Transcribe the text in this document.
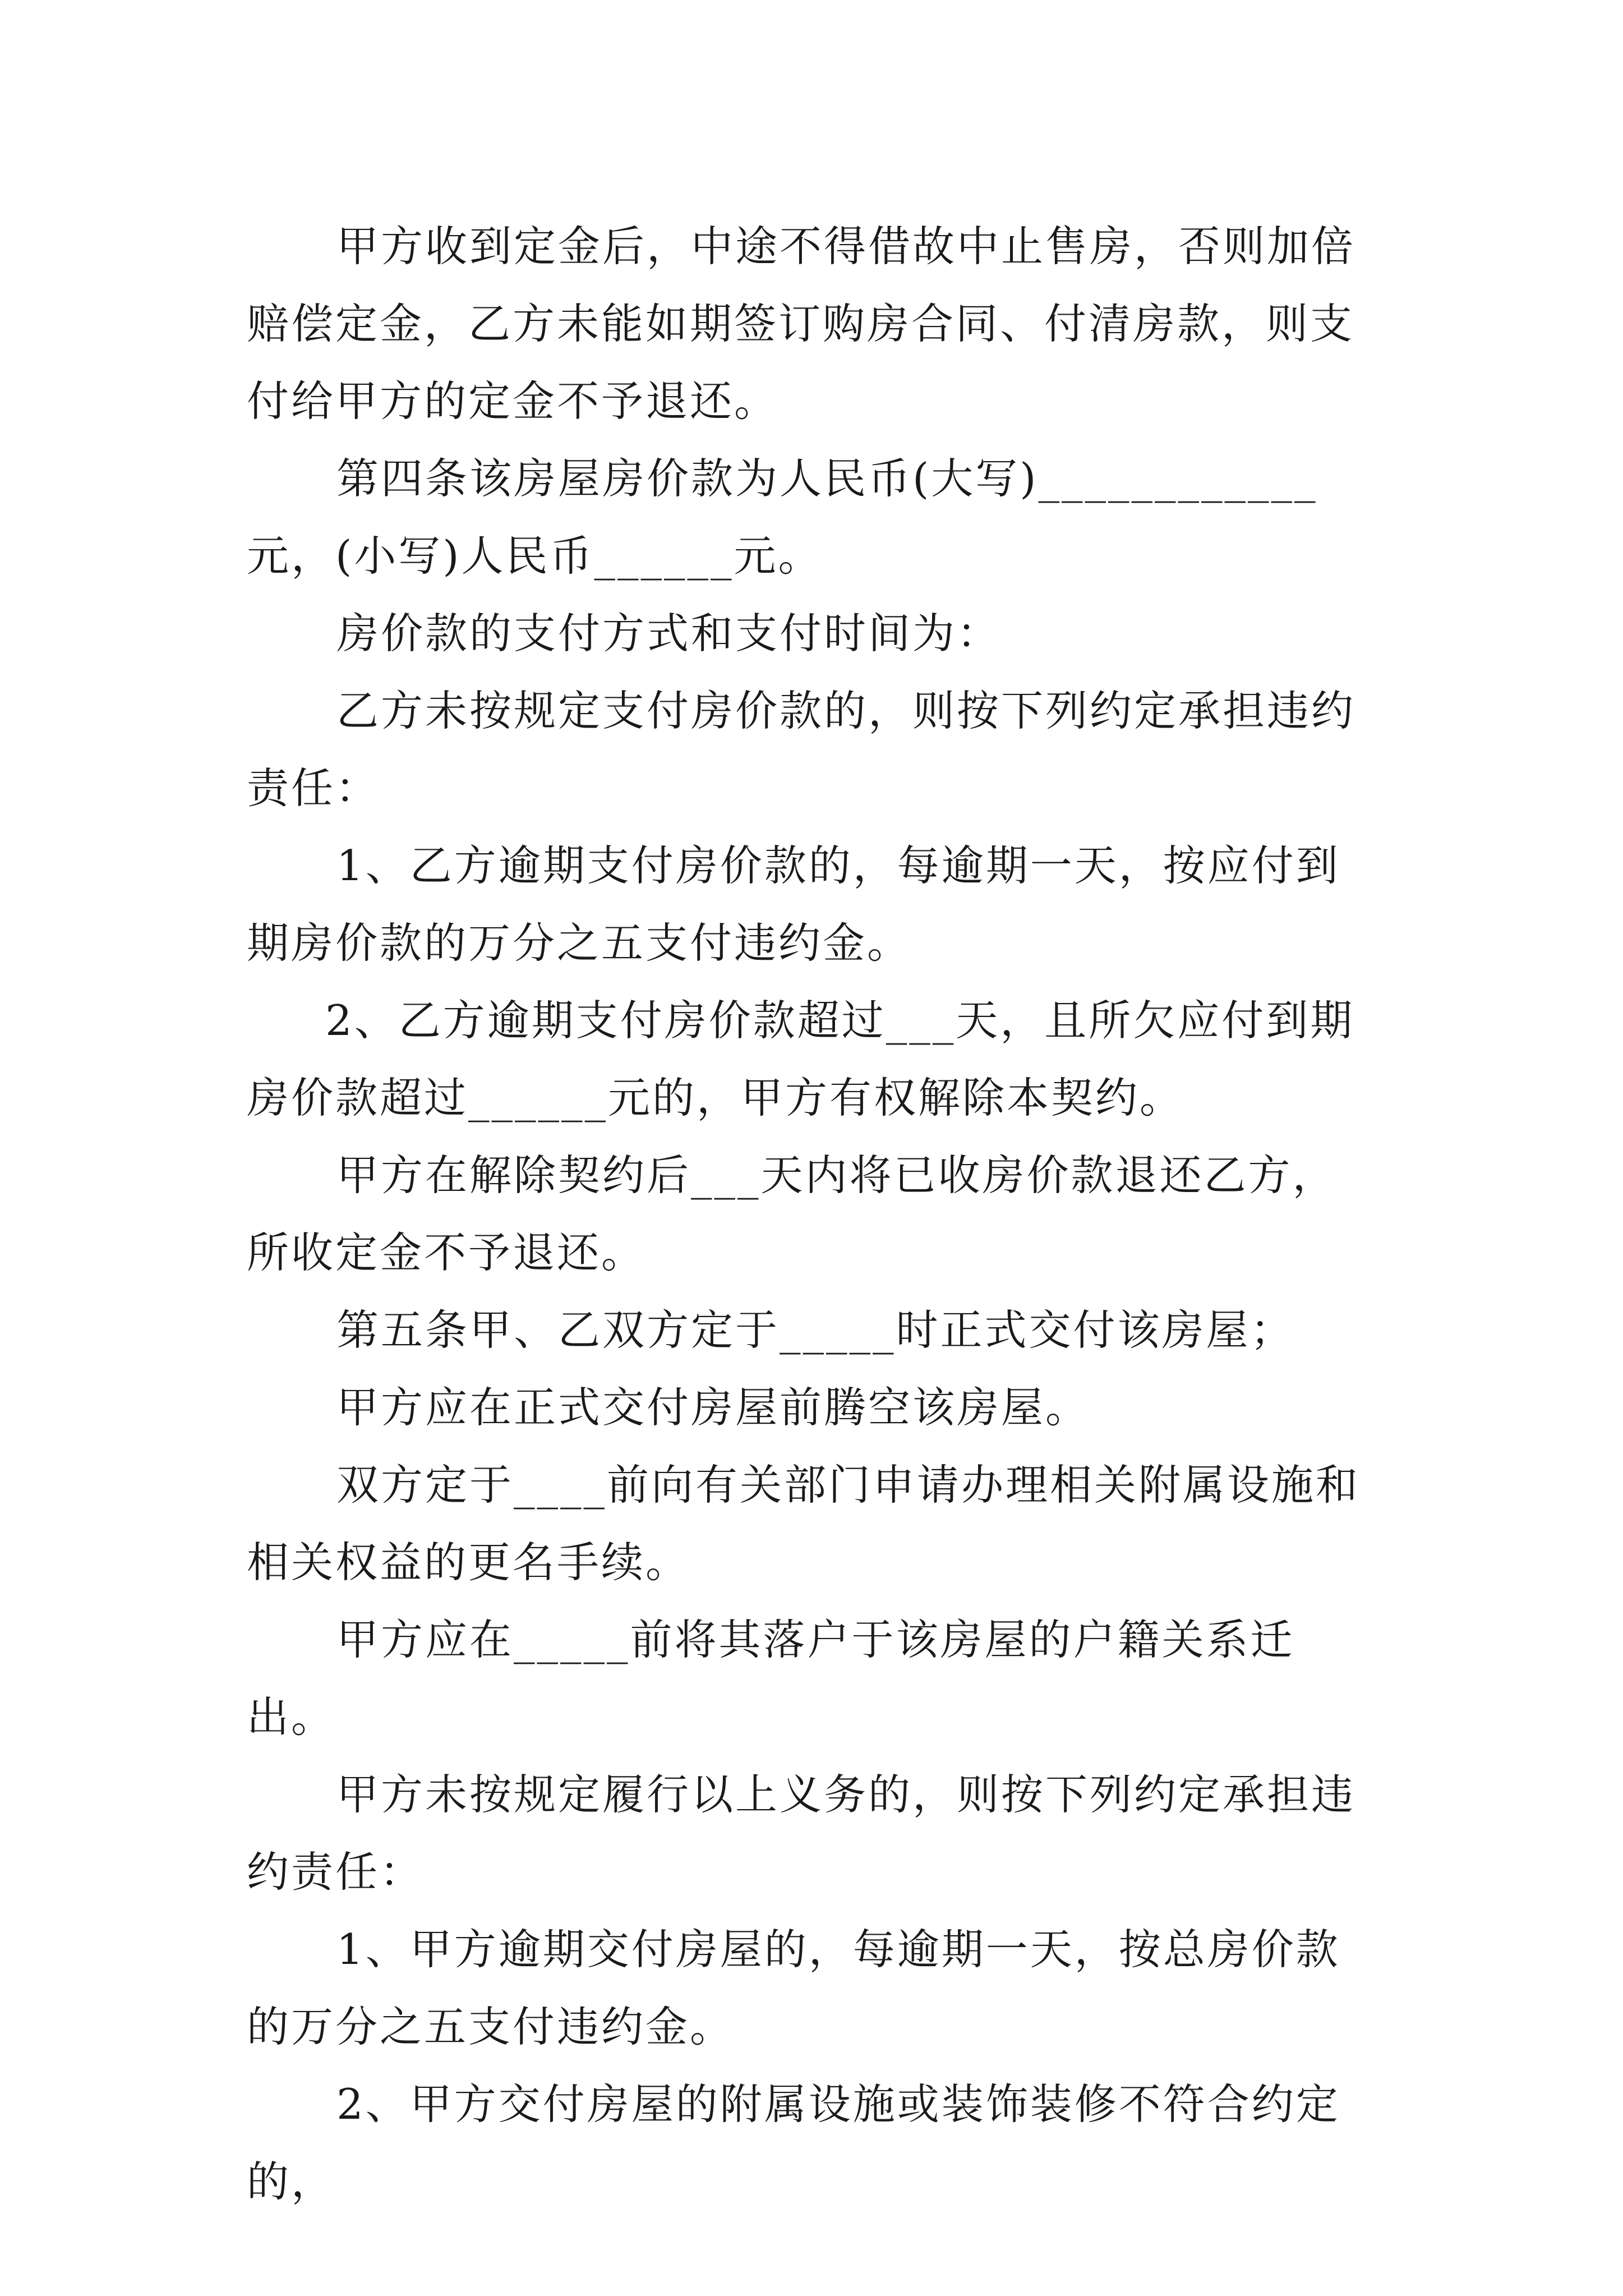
甲方收到定金后，中途不得借故中止售房，否则加倍赔偿定金，乙方未能如期签订购房合同、付清房款，则支付给甲方的定金不予退还。

第四条该房屋房价款为人民币(大写)____________元，(小写)人民币______元。

房价款的支付方式和支付时间为：

乙方未按规定支付房价款的，则按下列约定承担违约责任：

1、乙方逾期支付房价款的，每逾期一天，按应付到期房价款的万分之五支付违约金。

2、乙方逾期支付房价款超过___天，且所欠应付到期房价款超过______元的，甲方有权解除本契约。

甲方在解除契约后___天内将已收房价款退还乙方，所收定金不予退还。

第五条甲、乙双方定于_____时正式交付该房屋；

甲方应在正式交付房屋前腾空该房屋。

双方定于____前向有关部门申请办理相关附属设施和相关权益的更名手续。

甲方应在_____前将其落户于该房屋的户籍关系迁出。

甲方未按规定履行以上义务的，则按下列约定承担违约责任：

1、甲方逾期交付房屋的，每逾期一天，按总房价款的万分之五支付违约金。

2、甲方交付房屋的附属设施或装饰装修不符合约定的，
